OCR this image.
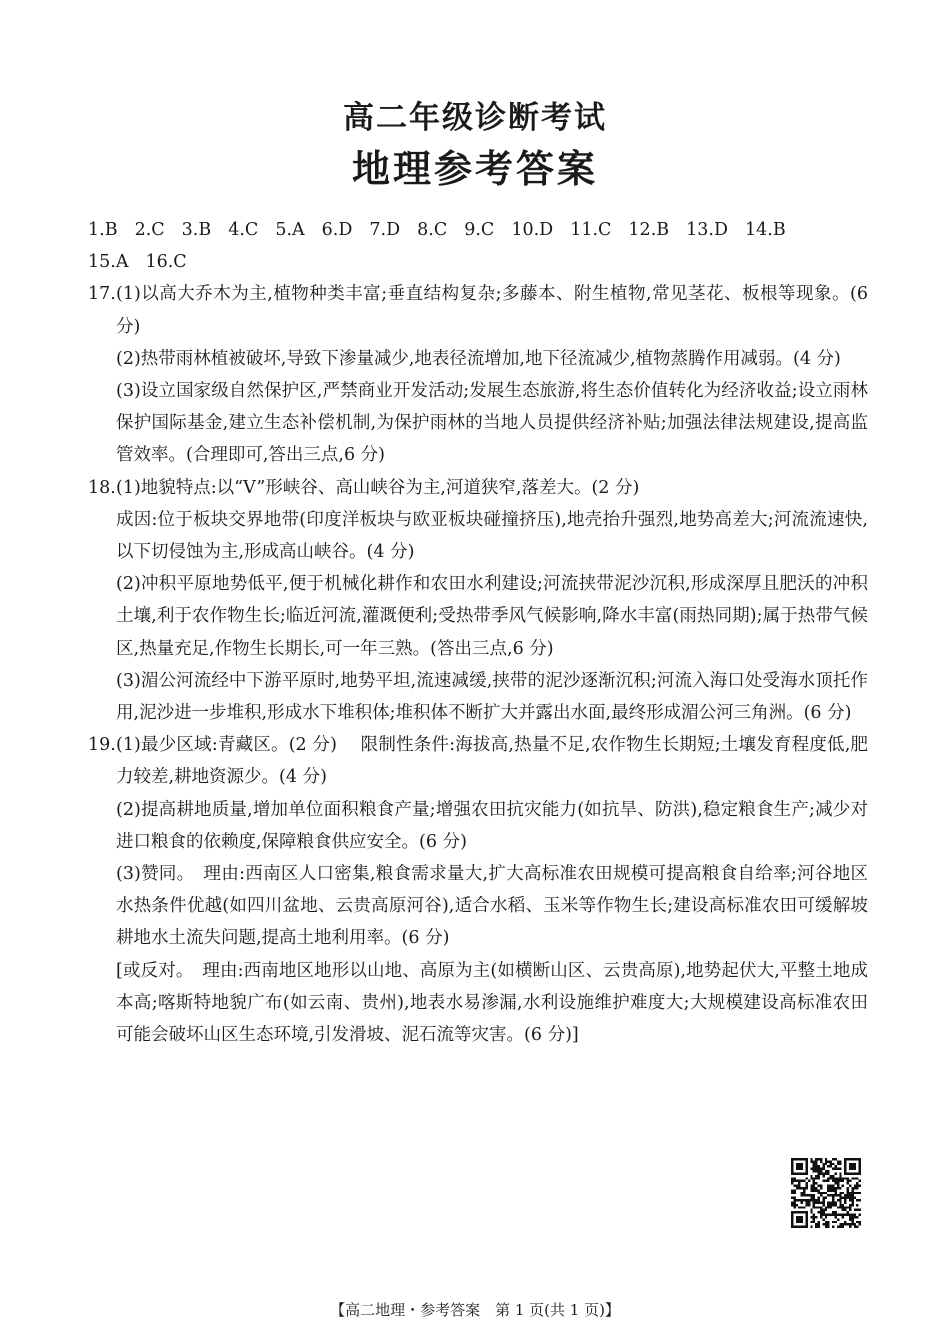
高二年级诊断考试
地理参考答案
1.B 2.C 3.B 4.C 5.A 6.D 7.D 8.C 9.C 10.D 11.C 12.B 13.D 14.B
15.A 16.C
17. (1)以高大乔木为主,植物种类丰富;垂直结构复杂;多藤本、附生植物,常见茎花、板根等现象。(6 分)

(2)热带雨林植被破坏,导致下渗量减少,地表径流增加,地下径流减少,植物蒸腾作用减弱。(4 分)

(3)设立国家级自然保护区,严禁商业开发活动;发展生态旅游,将生态价值转化为经济收益;设立雨林保护国际基金,建立生态补偿机制,为保护雨林的当地人员提供经济补贴;加强法律法规建设,提高监管效率。(合理即可,答出三点,6 分)

18. (1)地貌特点:以“V”形峡谷、高山峡谷为主,河道狭窄,落差大。(2 分)

成因:位于板块交界地带(印度洋板块与欧亚板块碰撞挤压),地壳抬升强烈,地势高差大;河流流速快,以下切侵蚀为主,形成高山峡谷。(4 分)

(2)冲积平原地势低平,便于机械化耕作和农田水利建设;河流挟带泥沙沉积,形成深厚且肥沃的冲积土壤,利于农作物生长;临近河流,灌溉便利;受热带季风气候影响,降水丰富(雨热同期);属于热带气候区,热量充足,作物生长期长,可一年三熟。(答出三点,6 分)

(3)湄公河流经中下游平原时,地势平坦,流速减缓,挟带的泥沙逐渐沉积;河流入海口处受海水顶托作用,泥沙进一步堆积,形成水下堆积体;堆积体不断扩大并露出水面,最终形成湄公河三角洲。(6 分)

19. (1)最少区域:青藏区。(2 分)　 限制性条件:海拔高,热量不足,农作物生长期短;土壤发育程度低,肥力较差,耕地资源少。(4 分)

(2)提高耕地质量,增加单位面积粮食产量;增强农田抗灾能力(如抗旱、防洪),稳定粮食生产;减少对进口粮食的依赖度,保障粮食供应安全。(6 分)

(3)赞同。　理由:西南区人口密集,粮食需求量大,扩大高标准农田规模可提高粮食自给率;河谷地区水热条件优越(如四川盆地、云贵高原河谷),适合水稻、玉米等作物生长;建设高标准农田可缓解坡耕地水土流失问题,提高土地利用率。(6 分)

[或反对。　理由:西南地区地形以山地、高原为主(如横断山区、云贵高原),地势起伏大,平整土地成本高;喀斯特地貌广布(如云南、贵州),地表水易渗漏,水利设施维护难度大;大规模建设高标准农田可能会破坏山区生态环境,引发滑坡、泥石流等灾害。(6 分)]

【高二地理・参考答案　第 1 页(共 1 页)】
